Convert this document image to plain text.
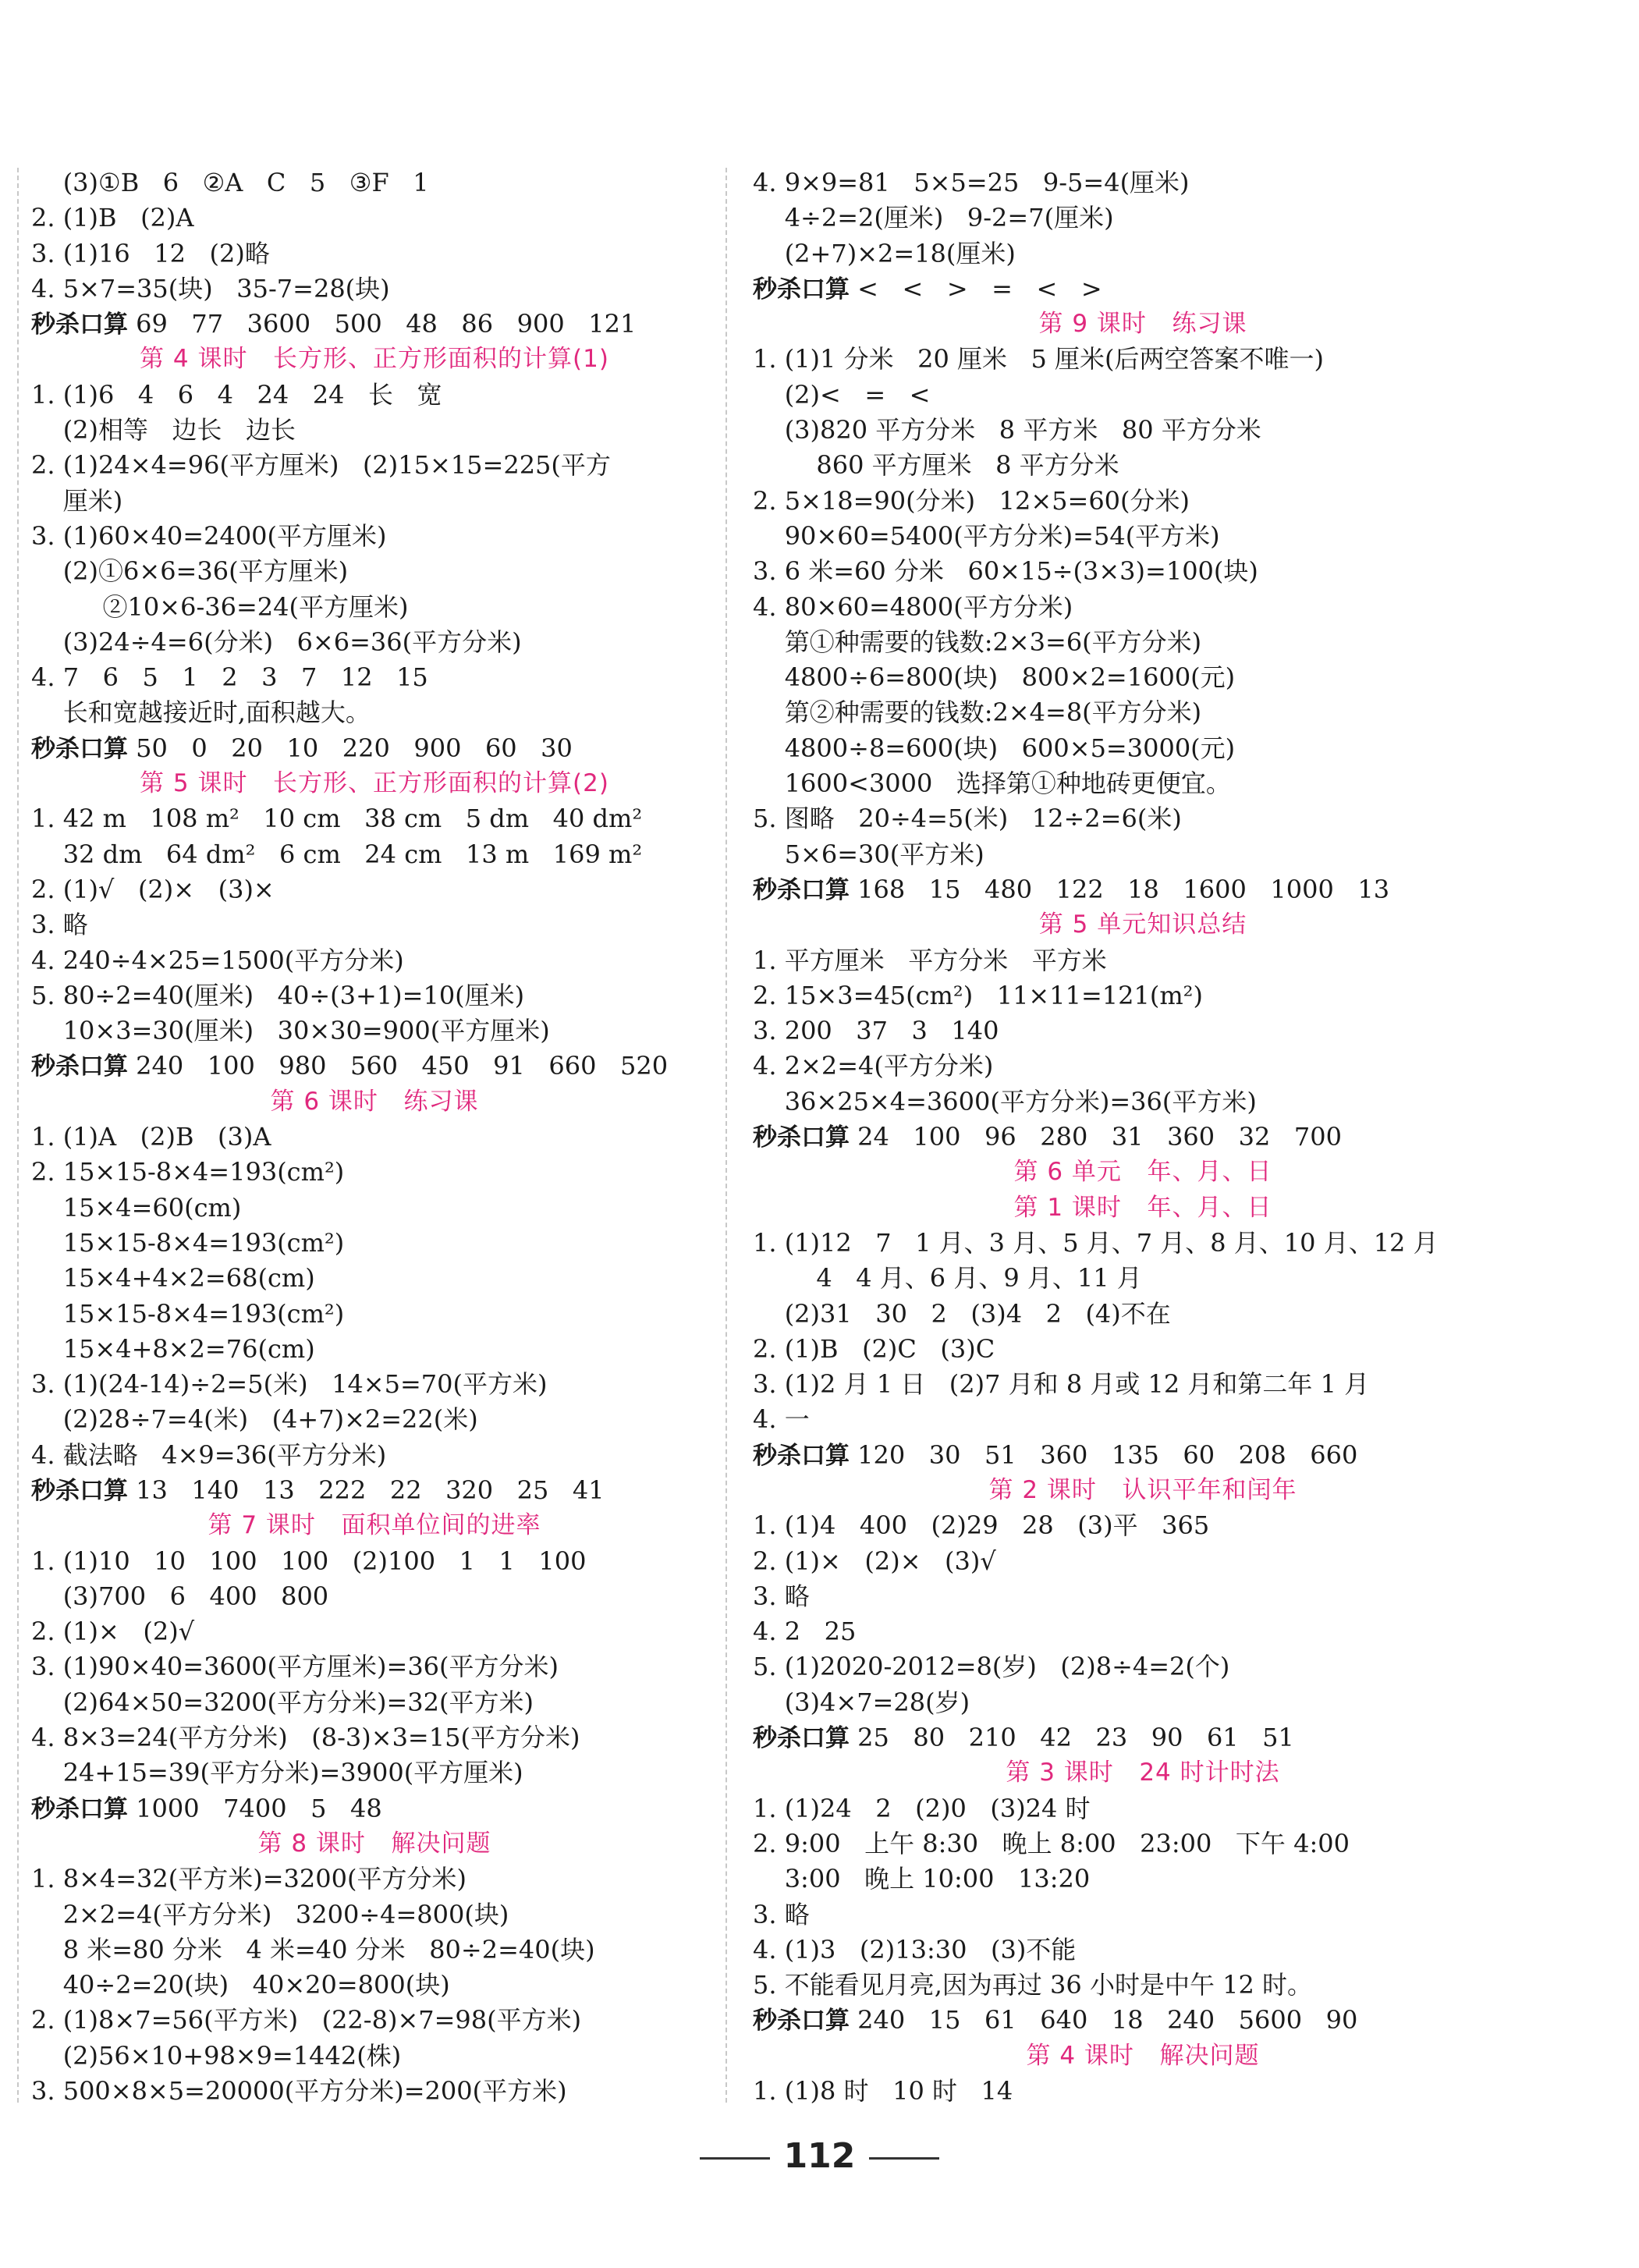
(3)①B   6   ②A   C   5   ③F   1
2. (1)B   (2)A
3. (1)16   12   (2)略
4. 5×7=35(块)   35-7=28(块)
秒杀口算 69   77   3600   500   48   86   900   121
第 4 课时   长方形、正方形面积的计算(1)
1. (1)6   4   6   4   24   24   长   宽
(2)相等   边长   边长
2. (1)24×4=96(平方厘米)   (2)15×15=225(平方
厘米)
3. (1)60×40=2400(平方厘米)
(2)①6×6=36(平方厘米)
②10×6-36=24(平方厘米)
(3)24÷4=6(分米)   6×6=36(平方分米)
4. 7   6   5   1   2   3   7   12   15
长和宽越接近时,面积越大。
秒杀口算 50   0   20   10   220   900   60   30
第 5 课时   长方形、正方形面积的计算(2)
1. 42 m   108 m²   10 cm   38 cm   5 dm   40 dm²
32 dm   64 dm²   6 cm   24 cm   13 m   169 m²
2. (1)√   (2)×   (3)×
3. 略
4. 240÷4×25=1500(平方分米)
5. 80÷2=40(厘米)   40÷(3+1)=10(厘米)
10×3=30(厘米)   30×30=900(平方厘米)
秒杀口算 240   100   980   560   450   91   660   520
第 6 课时   练习课
1. (1)A   (2)B   (3)A
2. 15×15-8×4=193(cm²)
15×4=60(cm)
15×15-8×4=193(cm²)
15×4+4×2=68(cm)
15×15-8×4=193(cm²)
15×4+8×2=76(cm)
3. (1)(24-14)÷2=5(米)   14×5=70(平方米)
(2)28÷7=4(米)   (4+7)×2=22(米)
4. 截法略   4×9=36(平方分米)
秒杀口算 13   140   13   222   22   320   25   41
第 7 课时   面积单位间的进率
1. (1)10   10   100   100   (2)100   1   1   100
(3)700   6   400   800
2. (1)×   (2)√
3. (1)90×40=3600(平方厘米)=36(平方分米)
(2)64×50=3200(平方分米)=32(平方米)
4. 8×3=24(平方分米)   (8-3)×3=15(平方分米)
24+15=39(平方分米)=3900(平方厘米)
秒杀口算 1000   7400   5   48
第 8 课时   解决问题
1. 8×4=32(平方米)=3200(平方分米)
2×2=4(平方分米)   3200÷4=800(块)
8 米=80 分米   4 米=40 分米   80÷2=40(块)
40÷2=20(块)   40×20=800(块)
2. (1)8×7=56(平方米)   (22-8)×7=98(平方米)
(2)56×10+98×9=1442(株)
3. 500×8×5=20000(平方分米)=200(平方米)
4. 9×9=81   5×5=25   9-5=4(厘米)
4÷2=2(厘米)   9-2=7(厘米)
(2+7)×2=18(厘米)
秒杀口算 <   <   >   =   <   >
第 9 课时   练习课
1. (1)1 分米   20 厘米   5 厘米(后两空答案不唯一)
(2)<   =   <
(3)820 平方分米   8 平方米   80 平方分米
860 平方厘米   8 平方分米
2. 5×18=90(分米)   12×5=60(分米)
90×60=5400(平方分米)=54(平方米)
3. 6 米=60 分米   60×15÷(3×3)=100(块)
4. 80×60=4800(平方分米)
第①种需要的钱数:2×3=6(平方分米)
4800÷6=800(块)   800×2=1600(元)
第②种需要的钱数:2×4=8(平方分米)
4800÷8=600(块)   600×5=3000(元)
1600<3000   选择第①种地砖更便宜。
5. 图略   20÷4=5(米)   12÷2=6(米)
5×6=30(平方米)
秒杀口算 168   15   480   122   18   1600   1000   13
第 5 单元知识总结
1. 平方厘米   平方分米   平方米
2. 15×3=45(cm²)   11×11=121(m²)
3. 200   37   3   140
4. 2×2=4(平方分米)
36×25×4=3600(平方分米)=36(平方米)
秒杀口算 24   100   96   280   31   360   32   700
第 6 单元   年、月、日
第 1 课时   年、月、日
1. (1)12   7   1 月、3 月、5 月、7 月、8 月、10 月、12 月
4   4 月、6 月、9 月、11 月
(2)31   30   2   (3)4   2   (4)不在
2. (1)B   (2)C   (3)C
3. (1)2 月 1 日   (2)7 月和 8 月或 12 月和第二年 1 月
4. 一
秒杀口算 120   30   51   360   135   60   208   660
第 2 课时   认识平年和闰年
1. (1)4   400   (2)29   28   (3)平   365
2. (1)×   (2)×   (3)√
3. 略
4. 2   25
5. (1)2020-2012=8(岁)   (2)8÷4=2(个)
(3)4×7=28(岁)
秒杀口算 25   80   210   42   23   90   61   51
第 3 课时   24 时计时法
1. (1)24   2   (2)0   (3)24 时
2. 9:00   上午 8:30   晚上 8:00   23:00   下午 4:00
3:00   晚上 10:00   13:20
3. 略
4. (1)3   (2)13:30   (3)不能
5. 不能看见月亮,因为再过 36 小时是中午 12 时。
秒杀口算 240   15   61   640   18   240   5600   90
第 4 课时   解决问题
1. (1)8 时   10 时   14
112
